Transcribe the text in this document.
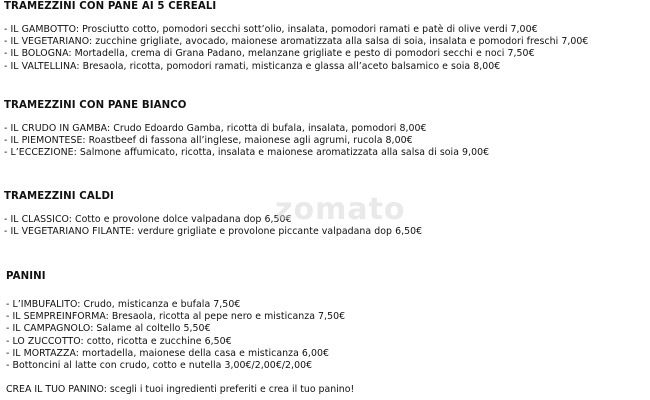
TRAMEZZINI CON PANE AI 5 CEREALI
- IL GAMBOTTO: Prosciutto cotto, pomodori secchi sott’olio, insalata, pomodori ramati e patè di olive verdi 7,00€
- IL VEGETARIANO: zucchine grigliate, avocado, maionese aromatizzata alla salsa di soia, insalata e pomodori freschi 7,00€
- IL BOLOGNA: Mortadella, crema di Grana Padano, melanzane grigliate e pesto di pomodori secchi e noci 7,50€
- IL VALTELLINA: Bresaola, ricotta, pomodori ramati, misticanza e glassa all’aceto balsamico e soia 8,00€
TRAMEZZINI CON PANE BIANCO
- IL CRUDO IN GAMBA: Crudo Edoardo Gamba, ricotta di bufala, insalata, pomodori 8,00€
- IL PIEMONTESE: Roastbeef di fassona all’inglese, maionese agli agrumi, rucola 8,00€
- L’ECCEZIONE: Salmone affumicato, ricotta, insalata e maionese aromatizzata alla salsa di soia 9,00€
TRAMEZZINI CALDI
- IL CLASSICO: Cotto e provolone dolce valpadana dop 6,50€
- IL VEGETARIANO FILANTE: verdure grigliate e provolone piccante valpadana dop 6,50€
PANINI
- L’IMBUFALITO: Crudo, misticanza e bufala 7,50€
- IL SEMPREINFORMA: Bresaola, ricotta al pepe nero e misticanza 7,50€
- IL CAMPAGNOLO: Salame al coltello 5,50€
- LO ZUCCOTTO: cotto, ricotta e zucchine 6,50€
- IL MORTAZZA: mortadella, maionese della casa e misticanza 6,00€
- Bottoncini al latte con crudo, cotto e nutella 3,00€/2,00€/2,00€
CREA IL TUO PANINO: scegli i tuoi ingredienti preferiti e crea il tuo panino!
zomato
